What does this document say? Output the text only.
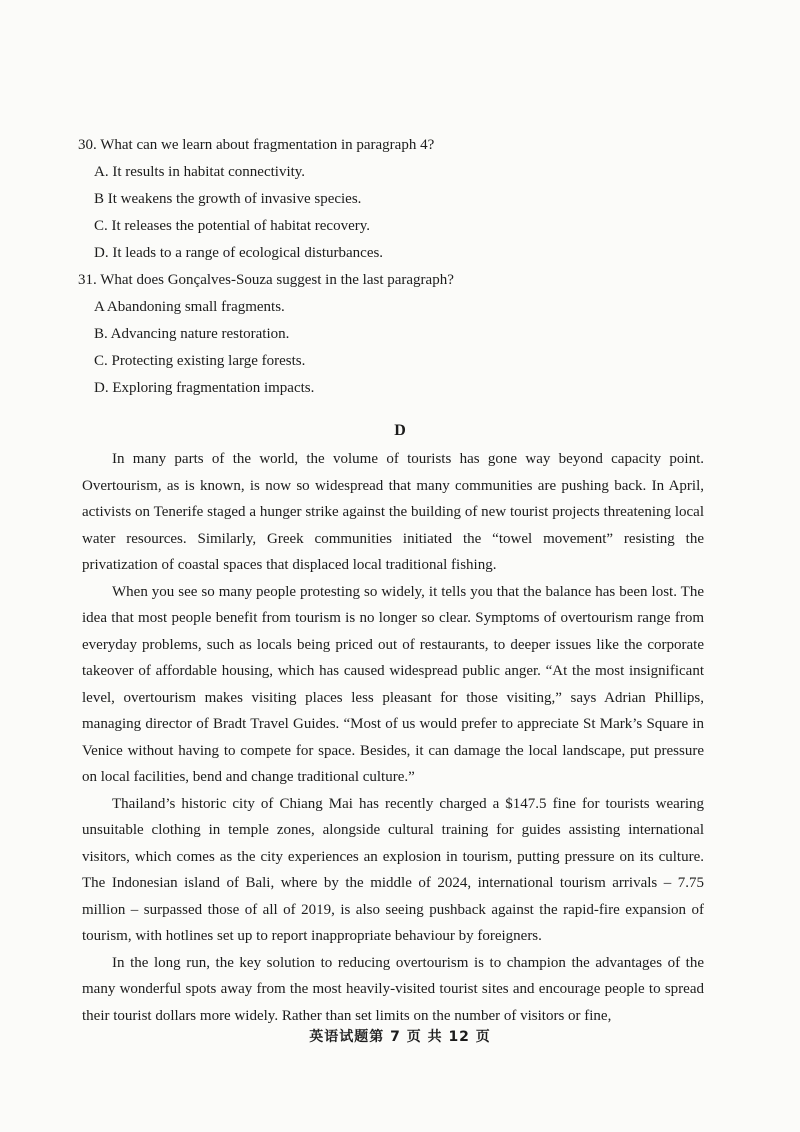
30. What can we learn about fragmentation in paragraph 4?

A. It results in habitat connectivity.

B It weakens the growth of invasive species.

C. It releases the potential of habitat recovery.

D. It leads to a range of ecological disturbances.

31. What does Gonçalves-Souza suggest in the last paragraph?

A Abandoning small fragments.

B. Advancing nature restoration.

C. Protecting existing large forests.

D. Exploring fragmentation impacts.

D

In many parts of the world, the volume of tourists has gone way beyond capacity point. Overtourism, as is known, is now so widespread that many communities are pushing back. In April, activists on Tenerife staged a hunger strike against the building of new tourist projects threatening local water resources. Similarly, Greek communities initiated the “towel movement” resisting the privatization of coastal spaces that displaced local traditional fishing.

When you see so many people protesting so widely, it tells you that the balance has been lost. The idea that most people benefit from tourism is no longer so clear. Symptoms of overtourism range from everyday problems, such as locals being priced out of restaurants, to deeper issues like the corporate takeover of affordable housing, which has caused widespread public anger. “At the most insignificant level, overtourism makes visiting places less pleasant for those visiting,” says Adrian Phillips, managing director of Bradt Travel Guides. “Most of us would prefer to appreciate St Mark’s Square in Venice without having to compete for space. Besides, it can damage the local landscape, put pressure on local facilities, bend and change traditional culture.”

Thailand’s historic city of Chiang Mai has recently charged a $147.5 fine for tourists wearing unsuitable clothing in temple zones, alongside cultural training for guides assisting international visitors, which comes as the city experiences an explosion in tourism, putting pressure on its culture. The Indonesian island of Bali, where by the middle of 2024, international tourism arrivals – 7.75 million – surpassed those of all of 2019, is also seeing pushback against the rapid-fire expansion of tourism, with hotlines set up to report inappropriate behaviour by foreigners.

In the long run, the key solution to reducing overtourism is to champion the advantages of the many wonderful spots away from the most heavily-visited tourist sites and encourage people to spread their tourist dollars more widely. Rather than set limits on the number of visitors or fine,

英语试题第 7 页 共 12 页
